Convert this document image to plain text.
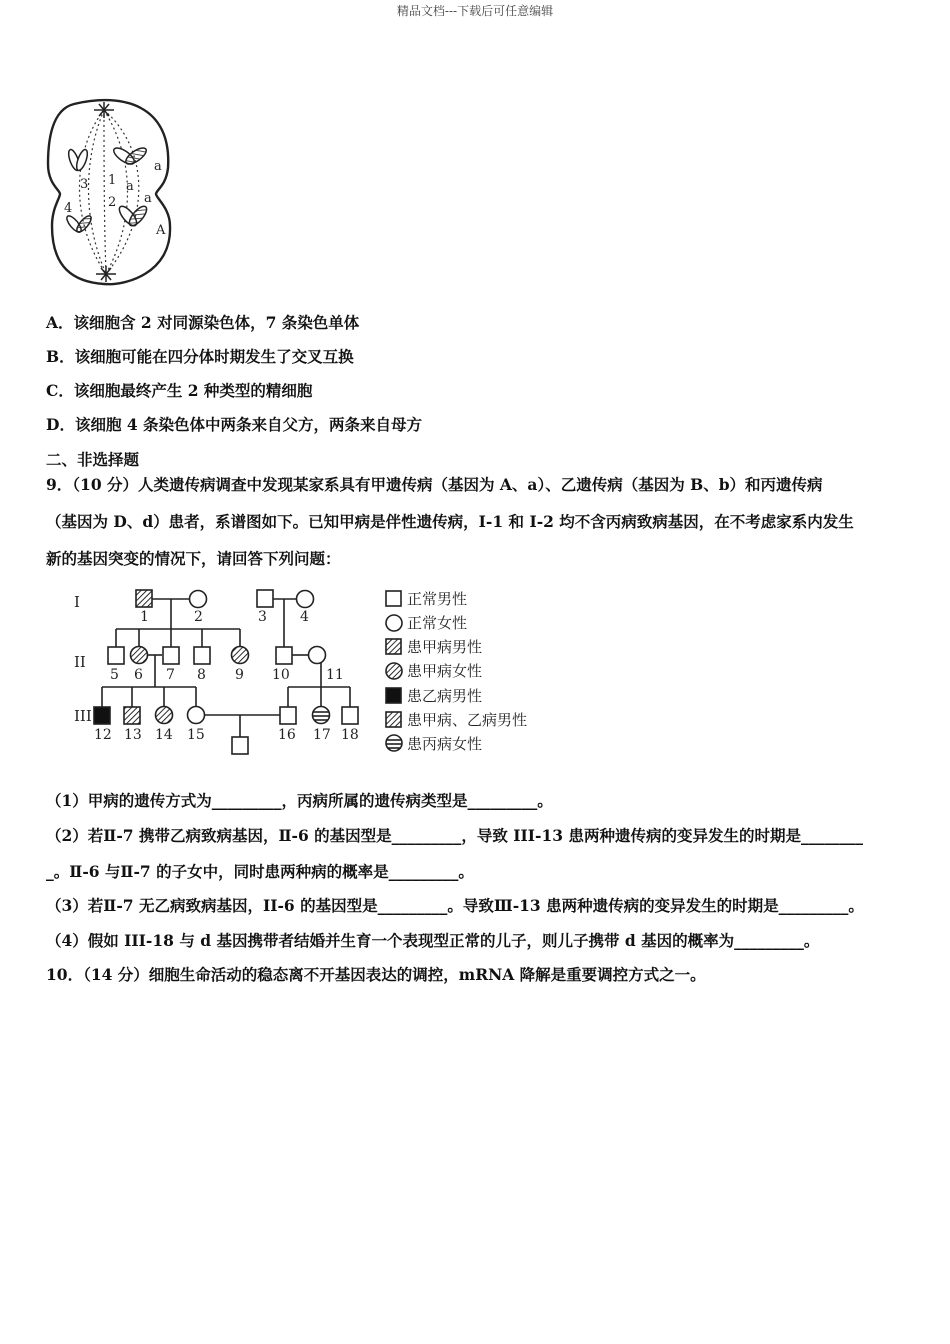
精品文档---下载后可任意编辑
3 1
a
a
a
2
4
A
A．该细胞含 2 对同源染色体，7 条染色单体
B．该细胞可能在四分体时期发生了交叉互换
C．该细胞最终产生 2 种类型的精细胞
D．该细胞 4 条染色体中两条来自父方，两条来自母方
二、非选择题
9．（10 分）人类遗传病调查中发现某家系具有甲遗传病（基因为 A、a）、乙遗传病（基因为 B、b）和丙遗传病
（基因为 D、d）患者，系谱图如下。已知甲病是伴性遗传病，I-1 和 I-2 均不含丙病致病基因，在不考虑家系内发生
新的基因突变的情况下，请回答下列问题：
I
II
III
1	2	3 4
5 6 7 8 9 10	11
12 13 14 15	16 17 18
正常男性
正常女性
患甲病男性
患甲病女性
患乙病男性
患甲病、乙病男性
患丙病女性
（1）甲病的遗传方式为_________，丙病所属的遗传病类型是_________。
（2）若Ⅱ-7 携带乙病致病基因，Ⅱ-6 的基因型是_________，导致 III-13 患两种遗传病的变异发生的时期是________
_。Ⅱ-6 与Ⅱ-7 的子女中，同时患两种病的概率是_________。
（3）若Ⅱ-7 无乙病致病基因，II-6 的基因型是_________。导致Ⅲ-13 患两种遗传病的变异发生的时期是_________。
（4）假如 III-18 与 d 基因携带者结婚并生育一个表现型正常的儿子，则儿子携带 d 基因的概率为_________。
10．（14 分）细胞生命活动的稳态离不开基因表达的调控，mRNA 降解是重要调控方式之一。
